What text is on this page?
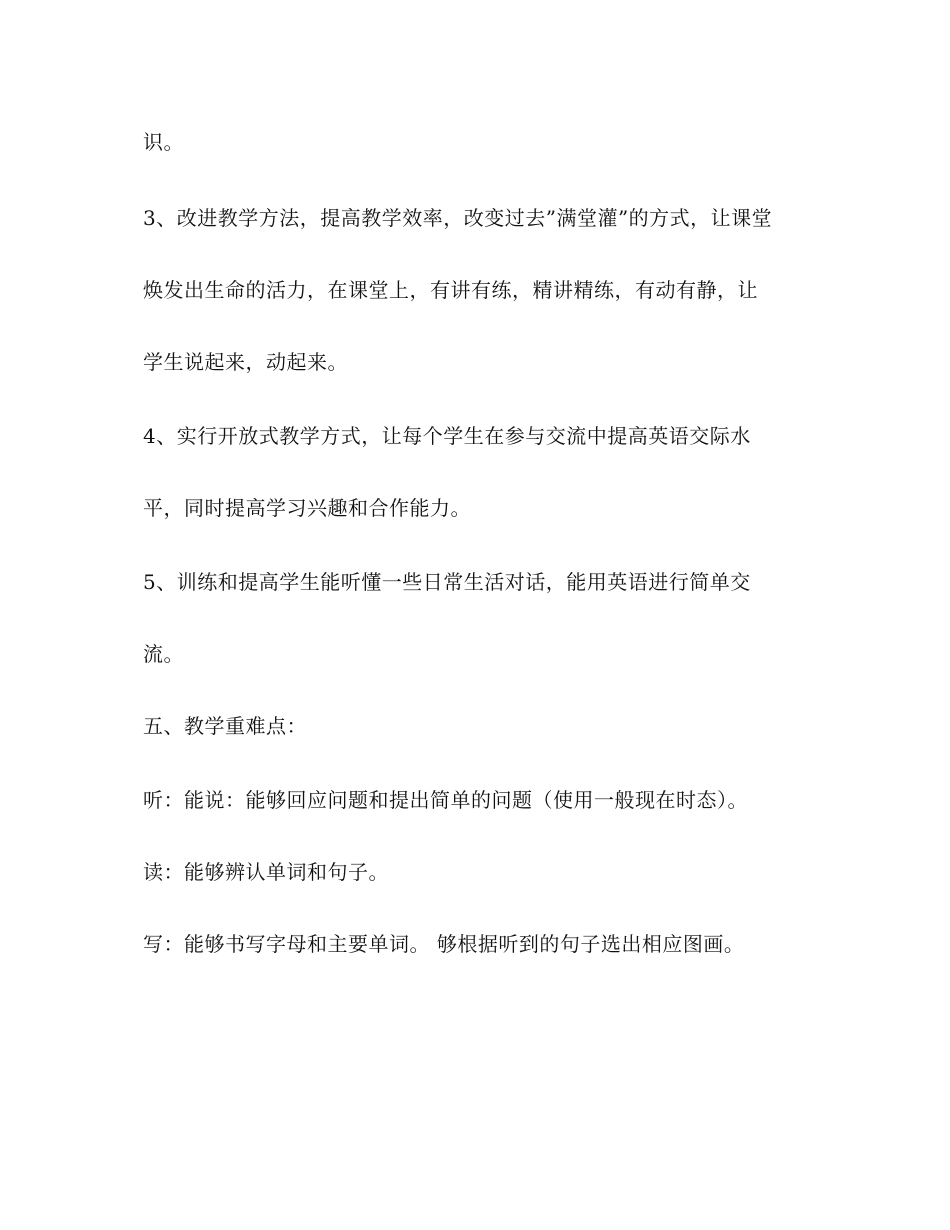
识。
3、改进教学方法，提高教学效率，改变过去”满堂灌”的方式，让课堂
焕发出生命的活力，在课堂上，有讲有练，精讲精练，有动有静，让
学生说起来，动起来。
4、实行开放式教学方式，让每个学生在参与交流中提高英语交际水
平，同时提高学习兴趣和合作能力。
5、训练和提高学生能听懂一些日常生活对话，能用英语进行简单交
流。
五、教学重难点：
听：能说：能够回应问题和提出简单的问题（使用一般现在时态）。
读：能够辨认单词和句子。
写：能够书写字母和主要单词。 够根据听到的句子选出相应图画。
